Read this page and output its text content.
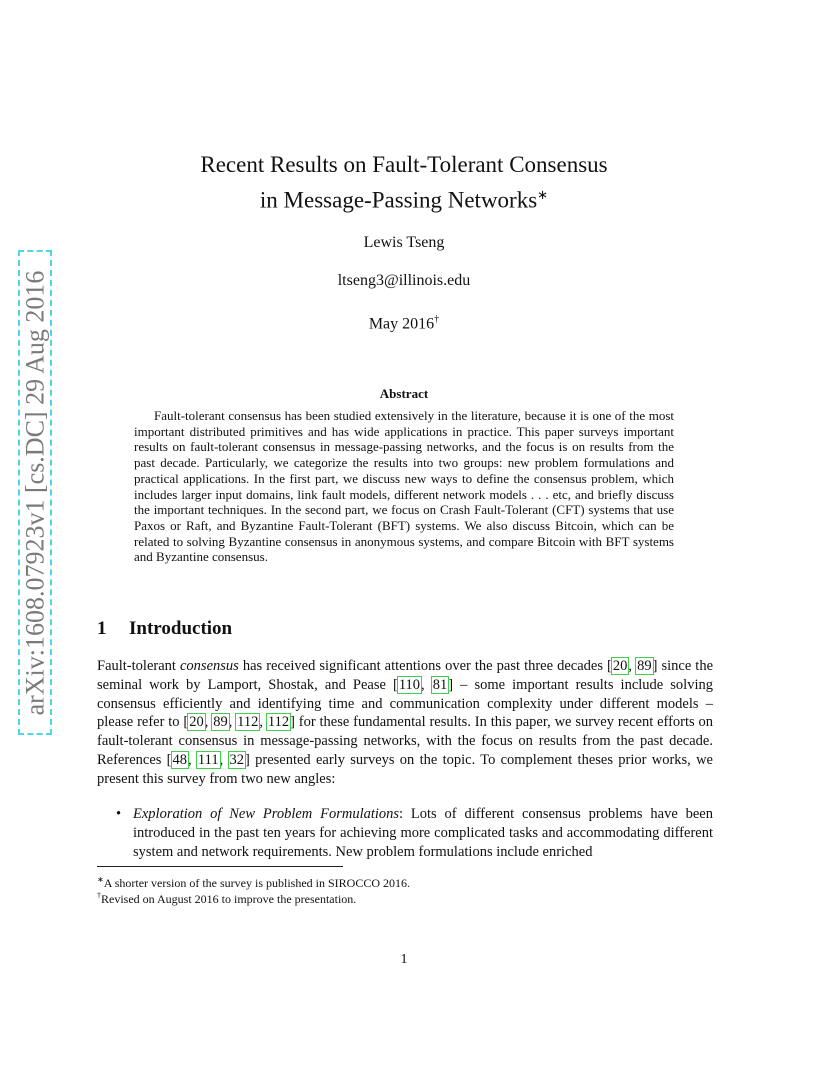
arXiv:1608.07923v1 [cs.DC] 29 Aug 2016
Recent Results on Fault-Tolerant Consensus
in Message-Passing Networks∗
Lewis Tseng
ltseng3@illinois.edu
May 2016†
Abstract
Fault-tolerant consensus has been studied extensively in the literature, because it is one of the most important distributed primitives and has wide applications in practice. This paper surveys important results on fault-tolerant consensus in message-passing networks, and the focus is on results from the past decade. Particularly, we categorize the results into two groups: new problem formulations and practical applications. In the first part, we discuss new ways to define the consensus problem, which includes larger input domains, link fault models, different network models . . . etc, and briefly discuss the important techniques. In the second part, we focus on Crash Fault-Tolerant (CFT) systems that use Paxos or Raft, and Byzantine Fault-Tolerant (BFT) systems. We also discuss Bitcoin, which can be related to solving Byzantine consensus in anonymous systems, and compare Bitcoin with BFT systems and Byzantine consensus.
1 Introduction

Fault-tolerant consensus has received significant attentions over the past three decades [20, 89] since the seminal work by Lamport, Shostak, and Pease [110, 81] – some important results include solving consensus efficiently and identifying time and communication complexity under different models – please refer to [20, 89, 112, 112] for these fundamental results. In this paper, we survey recent efforts on fault-tolerant consensus in message-passing networks, with the focus on results from the past decade. References [48, 111, 32] presented early surveys on the topic. To complement theses prior works, we present this survey from two new angles:

• Exploration of New Problem Formulations: Lots of different consensus problems have been introduced in the past ten years for achieving more complicated tasks and accommodating different system and network requirements. New problem formulations include enriched
∗A shorter version of the survey is published in SIROCCO 2016.
†Revised on August 2016 to improve the presentation.
1
